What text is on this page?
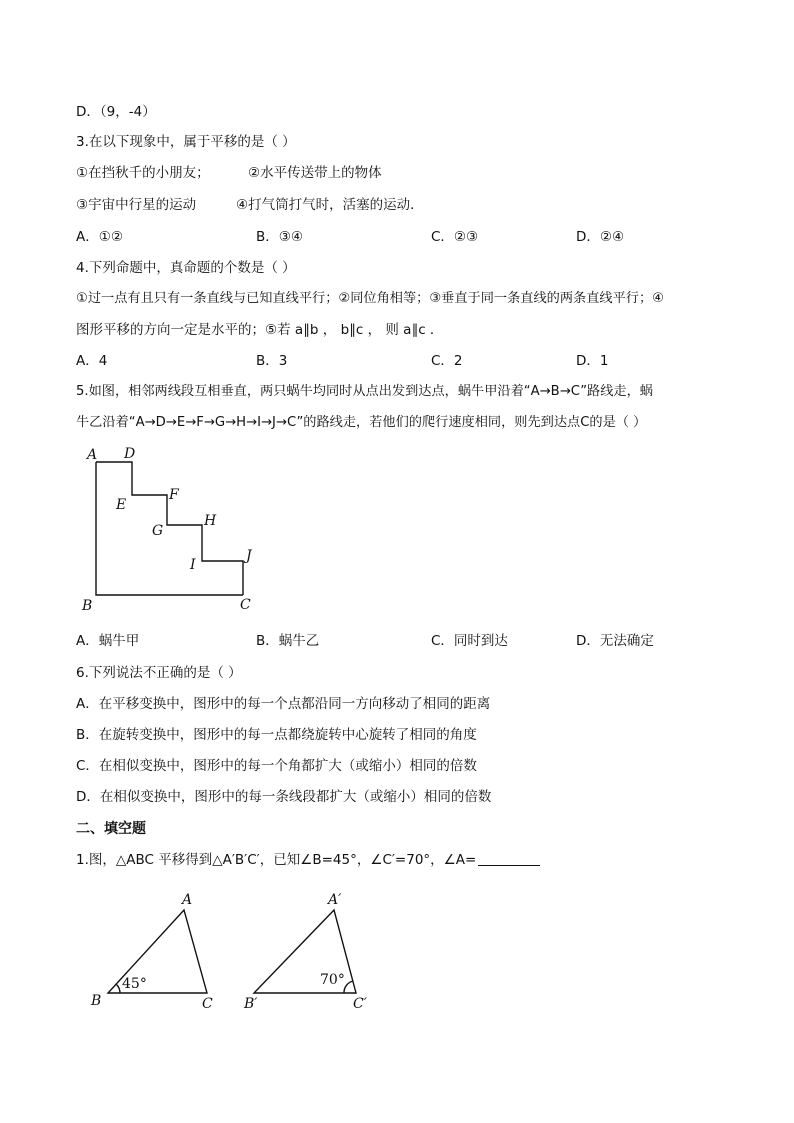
D．（9，-4）
3.在以下现象中，属于平移的是（ ）
①在挡秋千的小朋友；	②水平传送带上的物体
③宇宙中行星的运动	④打气筒打气时，活塞的运动．
A．①②	B．③④	C．②③	D．②④
4.下列命题中，真命题的个数是（ ）
①过一点有且只有一条直线与已知直线平行；②同位角相等；③垂直于同一条直线的两条直线平行；④
图形平移的方向一定是水平的；⑤若 a∥b ， b∥c ， 则 a∥c ．
A．4	B．3	C．2	D．1
5.如图，相邻两线段互相垂直，两只蜗牛均同时从点出发到达点，蜗牛甲沿着“A→B→C”路线走，蜗
牛乙沿着“A→D→E→F→G→H→I→J→C”的路线走，若他们的爬行速度相同，则先到达点C的是（ ）
A D
E
F
G
H
I
J
B	C
A．蜗牛甲	B．蜗牛乙	C．同时到达	D．无法确定
6.下列说法不正确的是（ ）
A．在平移变换中，图形中的每一个点都沿同一方向移动了相同的距离
B．在旋转变换中，图形中的每一点都绕旋转中心旋转了相同的角度
C．在相似变换中，图形中的每一个角都扩大（或缩小）相同的倍数
D．在相似变换中，图形中的每一条线段都扩大（或缩小）相同的倍数
二、填空题
1.图，△ABC 平移得到△A′B′C′，已知∠B=45°，∠C′=70°，∠A=
A
B	C
45°
A′
B′	C′
70°
